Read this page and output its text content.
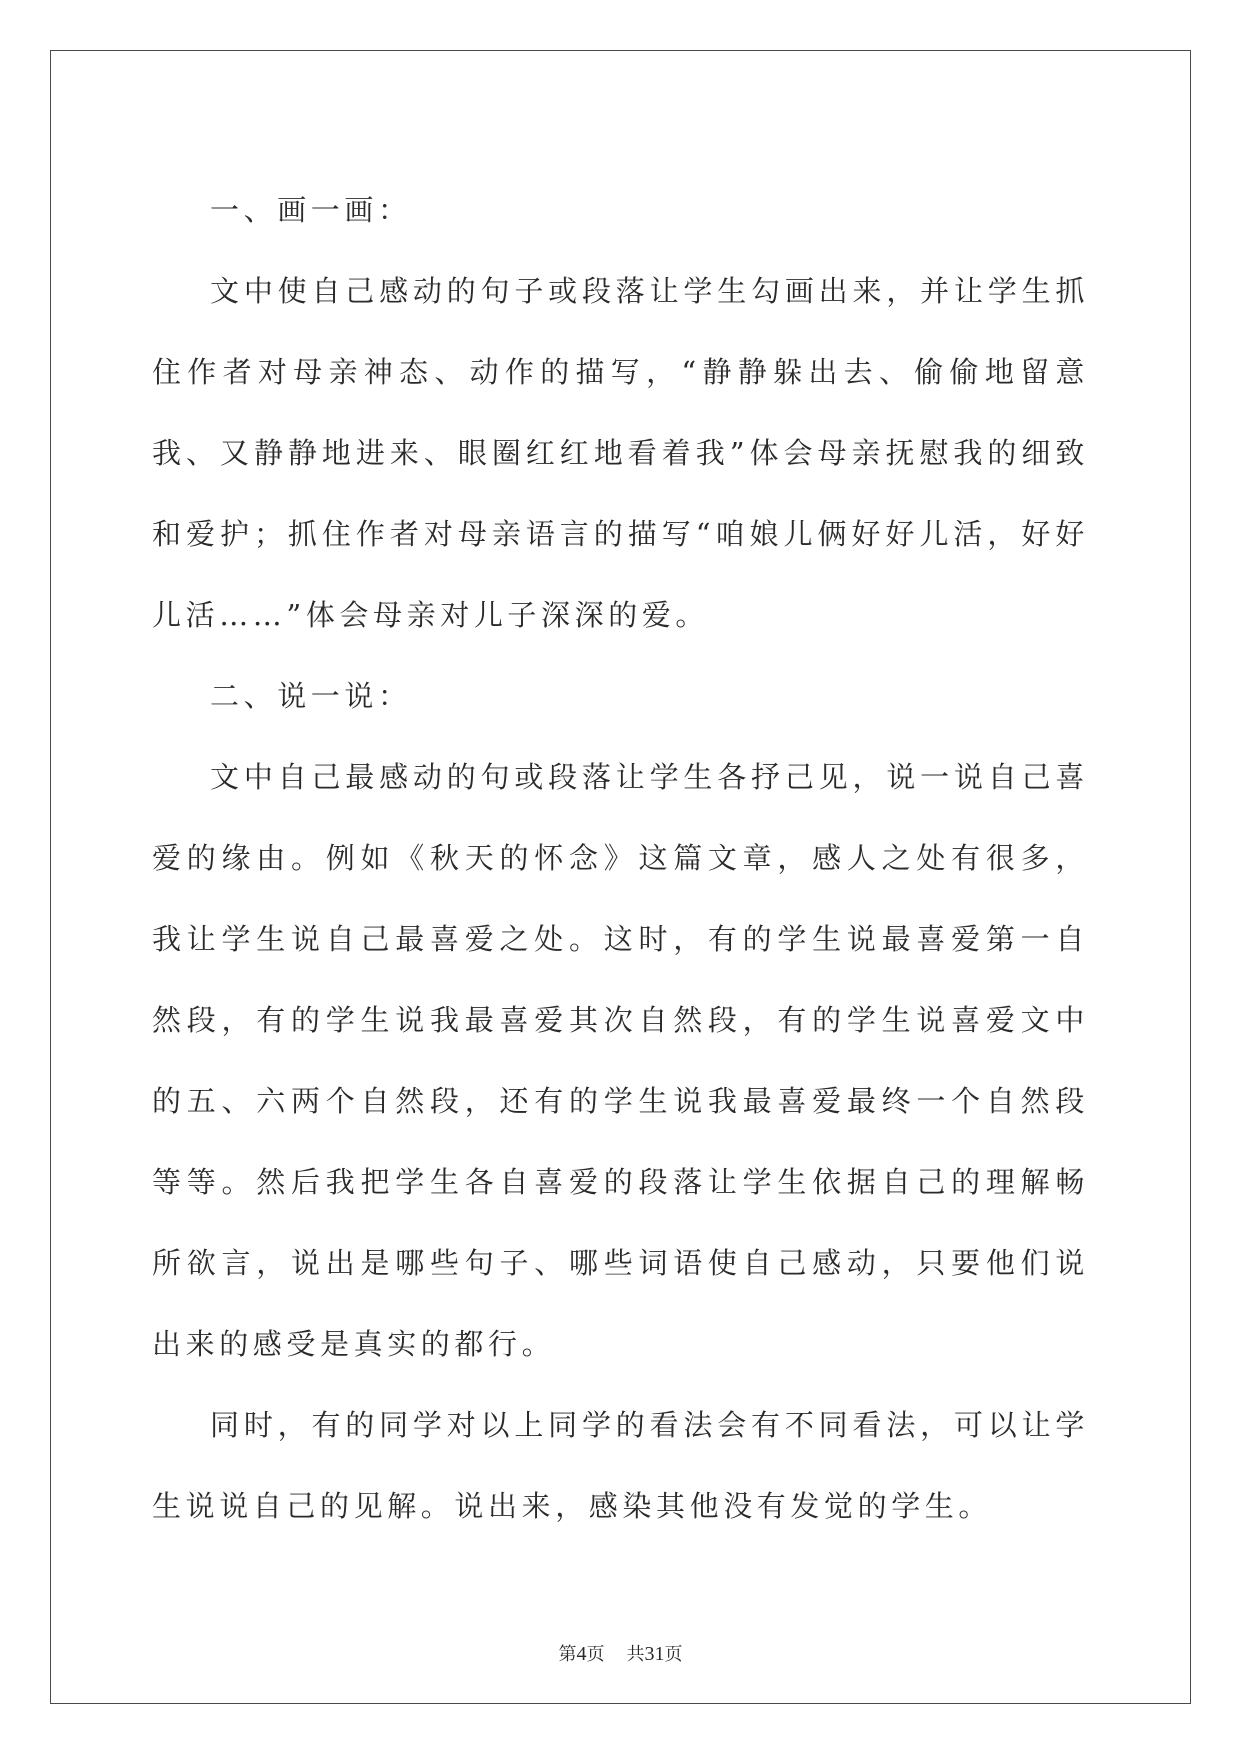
一、画一画：

文中使自己感动的句子或段落让学生勾画出来，并让学生抓住作者对母亲神态、动作的描写，“静静躲出去、偷偷地留意我、又静静地进来、眼圈红红地看着我”体会母亲抚慰我的细致和爱护；抓住作者对母亲语言的描写“咱娘儿俩好好儿活，好好儿活……”体会母亲对儿子深深的爱。

二、说一说：

文中自己最感动的句或段落让学生各抒己见，说一说自己喜爱的缘由。例如《秋天的怀念》这篇文章，感人之处有很多，我让学生说自己最喜爱之处。这时，有的学生说最喜爱第一自然段，有的学生说我最喜爱其次自然段，有的学生说喜爱文中的五、六两个自然段，还有的学生说我最喜爱最终一个自然段等等。然后我把学生各自喜爱的段落让学生依据自己的理解畅所欲言，说出是哪些句子、哪些词语使自己感动，只要他们说出来的感受是真实的都行。

同时，有的同学对以上同学的看法会有不同看法，可以让学生说说自己的见解。说出来，感染其他没有发觉的学生。

第4页 共31页
